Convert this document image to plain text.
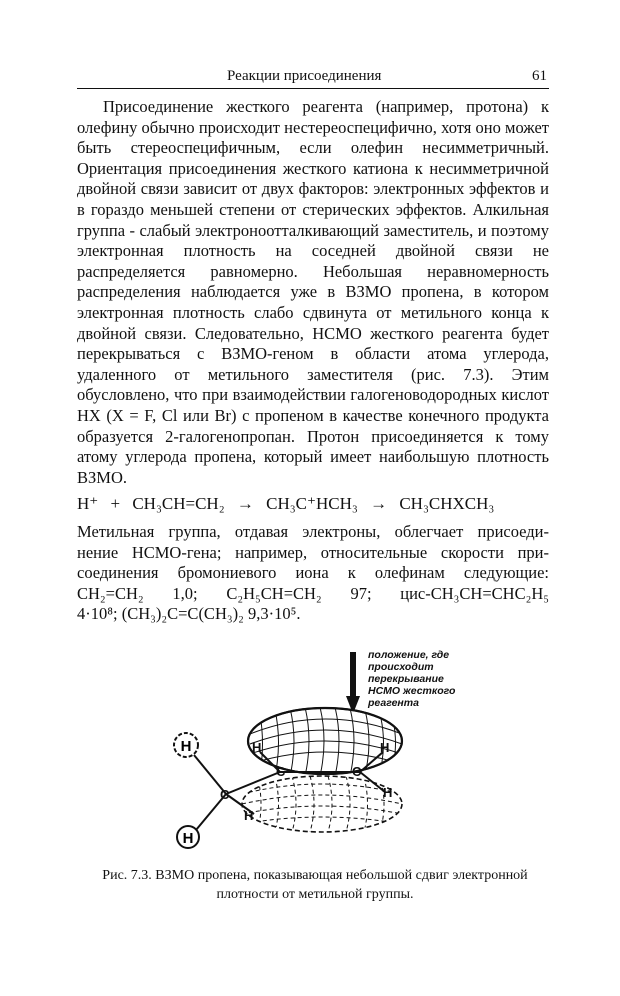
Реакции присоединения	61

Присоединение жесткого реагента (например, протона) к олефину обычно происходит нестереоспецифично, хотя оно может быть стереоспецифичным, если олефин несимметричный. Ориентация присоединения жесткого катиона к несимметричной двойной связи зависит от двух факторов: электронных эффектов и в гораздо меньшей степени от стерических эффектов. Алкильная группа - слабый электроноотталкивающий заместитель, и поэтому электронная плотность на соседней двойной связи не распределяется равномерно. Небольшая неравномерность распределения наблюдается уже в ВЗМО пропена, в котором электронная плотность слабо сдвинута от метильного конца к двойной связи. Следовательно, НСМО жесткого реагента будет перекрываться с ВЗМО-геном в области атома углерода, удаленного от метильного заместителя (рис. 7.3). Этим обусловлено, что при взаимодействии галогеноводородных кислот HX (X = F, Cl или Br) с пропеном в качестве конечного продукта образуется 2-галогенопропан. Протон присоединяется к тому атому углерода пропена, который имеет наибольшую плотность ВЗМО.

H⁺ + CH₃CH=CH₂ → CH₃C⁺HCH₃ → CH₃CHXCH₃
Метильная группа, отдавая электроны, облегчает присоеди-
нение НСМО-гена; например, относительные скорости при-
соединения бромониевого иона к олефинам следующие:
CH₂=CH₂ 1,0; C₂H₅CH=CH₂ 97; цис-CH₃CH=CHC₂H₅
4·10⁸; (CH₃)₂C=C(CH₃)₂ 9,3·10⁵.
положение, где происходит перекрывание НСМО жесткого реагента
H
H
C
C	C
H	H
H
H
Рис. 7.3. ВЗМО пропена, показывающая небольшой сдвиг электронной плотности от метильной группы.
